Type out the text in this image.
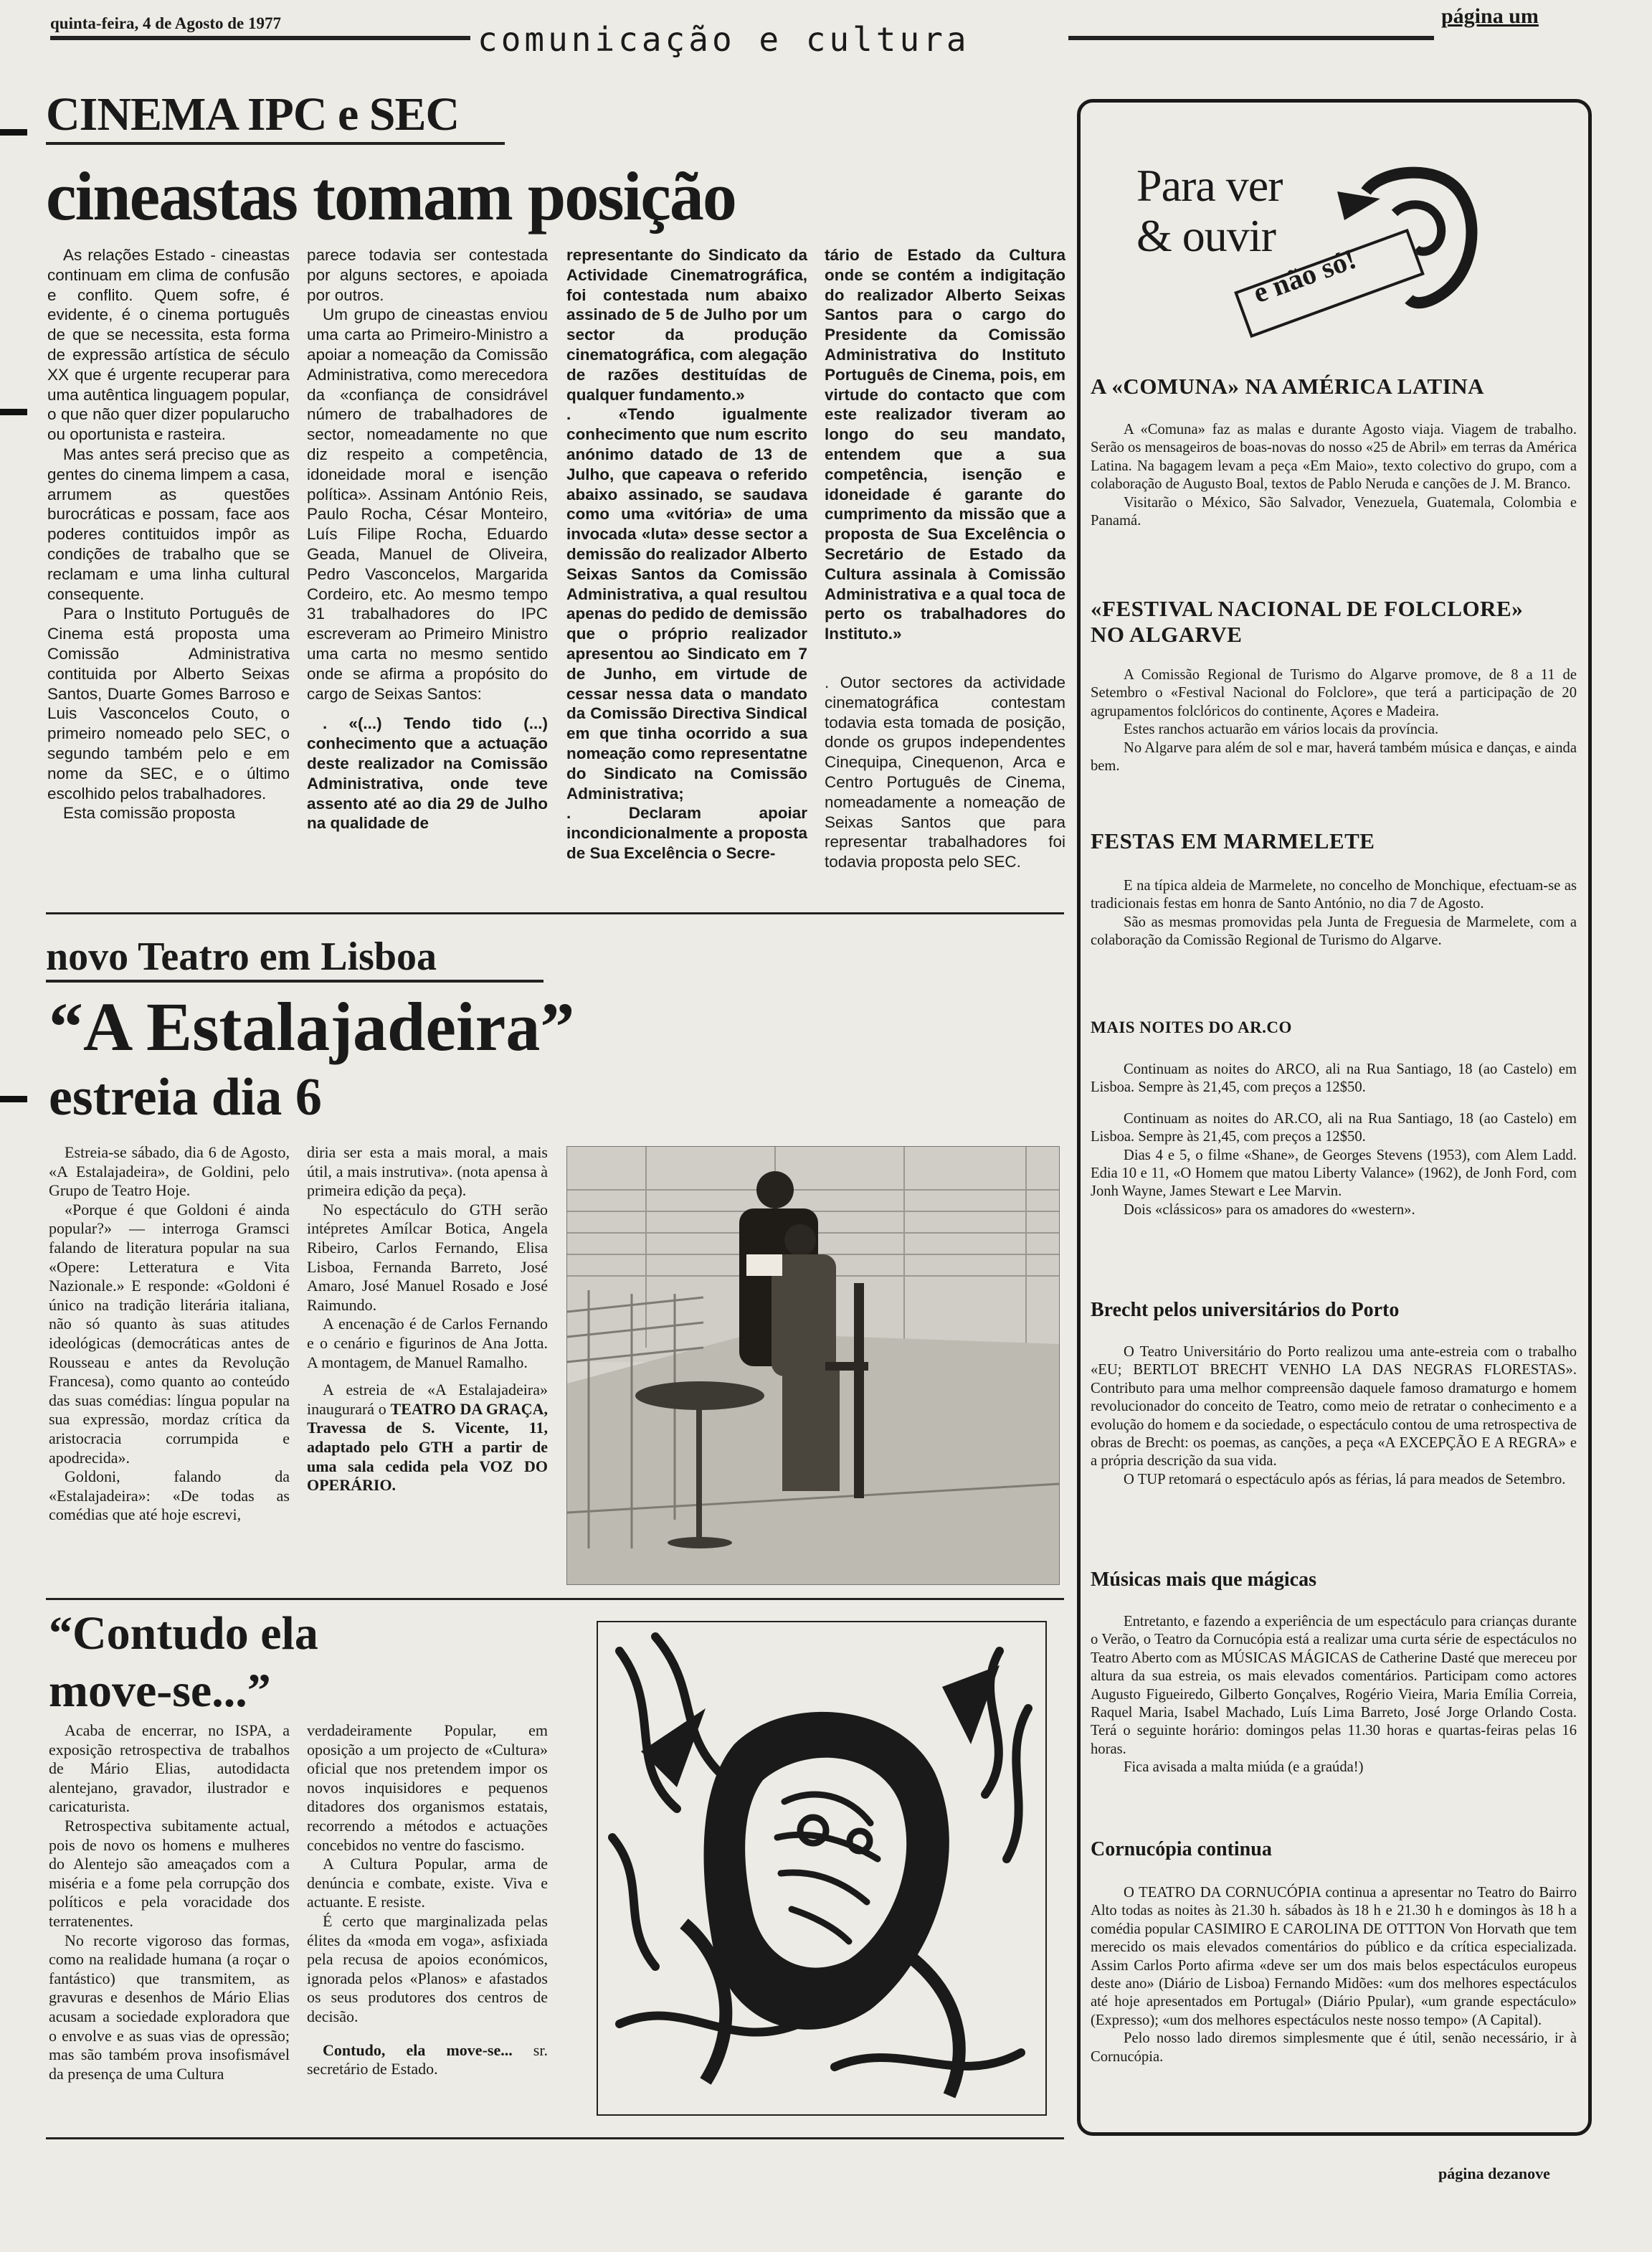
quinta-feira, 4 de Agosto de 1977	comunicação e cultura
página um
CINEMA IPC e SEC
cineastas tomam posição

As relações Estado - cineastas continuam em clima de confusão e conflito. Quem sofre, é evidente, é o cinema português de que se necessita, esta forma de expressão artística de século XX que é urgente recuperar para uma autêntica linguagem popular, o que não quer dizer popularucho ou oportunista e rasteira.

Mas antes será preciso que as gentes do cinema limpem a casa, arrumem as questões burocráticas e possam, face aos poderes contituidos impôr as condições de trabalho que se reclamam e uma linha cultural consequente.

Para o Instituto Português de Cinema está proposta uma Comissão Administrativa contituida por Alberto Seixas Santos, Duarte Gomes Barroso e Luis Vasconcelos Couto, o primeiro nomeado pelo SEC, o segundo também pelo e em nome da SEC, e o último escolhido pelos trabalhadores.

Esta comissão proposta

parece todavia ser contestada por alguns sectores, e apoiada por outros.

Um grupo de cineastas enviou uma carta ao Primeiro-Ministro a apoiar a nomeação da Comissão Administrativa, como merecedora da «confiança de considrável número de trabalhadores de sector, nomeadamente no que diz respeito a competência, idoneidade moral e isenção política». Assinam António Reis, Paulo Rocha, César Monteiro, Luís Filipe Rocha, Eduardo Geada, Manuel de Oliveira, Pedro Vasconcelos, Margarida Cordeiro, etc. Ao mesmo tempo 31 trabalhadores do IPC escreveram ao Primeiro Ministro uma carta no mesmo sentido onde se afirma a propósito do cargo de Seixas Santos:

. «(...) Tendo tido (...) conhecimento que a actuação deste realizador na Comissão Administrativa, onde teve assento até ao dia 29 de Julho na qualidade de

representante do Sindicato da Actividade Cinematrográfica, foi contestada num abaixo assinado de 5 de Julho por um sector da produção cinematográfica, com alegação de razões destituídas de qualquer fundamento.»

. «Tendo igualmente conhecimento que num escrito anónimo datado de 13 de Julho, que capeava o referido abaixo assinado, se saudava como uma «vitória» de uma invocada «luta» desse sector a demissão do realizador Alberto Seixas Santos da Comissão Administrativa, a qual resultou apenas do pedido de demissão que o próprio realizador apresentou ao Sindicato em 7 de Junho, em virtude de cessar nessa data o mandato da Comissão Directiva Sindical em que tinha ocorrido a sua nomeação como representatne do Sindicato na Comissão Administrativa;

. Declaram apoiar incondicionalmente a proposta de Sua Excelência o Secre-

tário de Estado da Cultura onde se contém a indigitação do realizador Alberto Seixas Santos para o cargo do Presidente da Comissão Administrativa do Instituto Português de Cinema, pois, em virtude do contacto que com este realizador tiveram ao longo do seu mandato, entendem que a sua competência, isenção e idoneidade é garante do cumprimento da missão que a proposta de Sua Excelência o Secretário de Estado da Cultura assinala à Comissão Administrativa e a qual toca de perto os trabalhadores do Instituto.»

. Outor sectores da actividade cinematográfica contestam todavia esta tomada de posição, donde os grupos independentes Cinequipa, Cinequenon, Arca e Centro Português de Cinema, nomeadamente a nomeação de Seixas Santos que para representar trabalhadores foi todavia proposta pelo SEC.

novo Teatro em Lisboa
“A Estalajadeira”
estreia dia 6

Estreia-se sábado, dia 6 de Agosto, «A Estalajadeira», de Goldini, pelo Grupo de Teatro Hoje.

«Porque é que Goldoni é ainda popular?» — interroga Gramsci falando de literatura popular na sua «Opere: Letteratura e Vita Nazionale.» E responde: «Goldoni é único na tradição literária italiana, não só quanto às suas atitudes ideológicas (democráticas antes de Rousseau e antes da Revolução Francesa), como quanto ao conteúdo das suas comédias: língua popular na sua expressão, mordaz crítica da aristocracia corrumpida e apodrecida».

Goldoni, falando da «Estalajadeira»: «De todas as comédias que até hoje escrevi,

diria ser esta a mais moral, a mais útil, a mais instrutiva». (nota apensa à primeira edição da peça).

No espectáculo do GTH serão intépretes Amílcar Botica, Angela Ribeiro, Carlos Fernando, Elisa Lisboa, Fernanda Barreto, José Amaro, José Manuel Rosado e José Raimundo.

A encenação é de Carlos Fernando e o cenário e figurinos de Ana Jotta. A montagem, de Manuel Ramalho.

A estreia de «A Estalajadeira» inaugurará o TEATRO DA GRAÇA, Travessa de S. Vicente, 11, adaptado pelo GTH a partir de uma sala cedida pela VOZ DO OPERÁRIO.

“Contudo ela move-se...”

Acaba de encerrar, no ISPA, a exposição retrospectiva de trabalhos de Mário Elias, autodidacta alentejano, gravador, ilustrador e caricaturista.

Retrospectiva subitamente actual, pois de novo os homens e mulheres do Alentejo são ameaçados com a miséria e a fome pela corrupção dos políticos e pela voracidade dos terratenentes.

No recorte vigoroso das formas, como na realidade humana (a roçar o fantástico) que transmitem, as gravuras e desenhos de Mário Elias acusam a sociedade exploradora que o envolve e as suas vias de opressão; mas são também prova insofismável da presença de uma Cultura

verdadeiramente Popular, em oposição a um projecto de «Cultura» oficial que nos pretendem impor os novos inquisidores e pequenos ditadores dos organismos estatais, recorrendo a métodos e actuações concebidos no ventre do fascismo.

A Cultura Popular, arma de denúncia e combate, existe. Viva e actuante. E resiste.

É certo que marginalizada pelas élites da «moda em voga», asfixiada pela recusa de apoios económicos, ignorada pelos «Planos» e afastados os seus produtores dos centros de decisão.

Contudo, ela move-se... sr. secretário de Estado.

Para ver
& ouvir
e não só!
A «COMUNA» NA AMÉRICA LATINA

A «Comuna» faz as malas e durante Agosto viaja. Viagem de trabalho. Serão os mensageiros de boas-novas do nosso «25 de Abril» em terras da América Latina. Na bagagem levam a peça «Em Maio», texto colectivo do grupo, com a colaboração de Augusto Boal, textos de Pablo Neruda e canções de J. M. Branco.

Visitarão o México, São Salvador, Venezuela, Guatemala, Colombia e Panamá.

«FESTIVAL NACIONAL DE FOLCLORE»
NO ALGARVE

A Comissão Regional de Turismo do Algarve promove, de 8 a 11 de Setembro o «Festival Nacional do Folclore», que terá a participação de 20 agrupamentos folclóricos do continente, Açores e Madeira.

Estes ranchos actuarão em vários locais da província.

No Algarve para além de sol e mar, haverá também música e danças, e ainda bem.

FESTAS EM MARMELETE

E na típica aldeia de Marmelete, no concelho de Monchique, efectuam-se as tradicionais festas em honra de Santo António, no dia 7 de Agosto.

São as mesmas promovidas pela Junta de Freguesia de Marmelete, com a colaboração da Comissão Regional de Turismo do Algarve.

MAIS NOITES DO AR.CO

Continuam as noites do ARCO, ali na Rua Santiago, 18 (ao Castelo) em Lisboa. Sempre às 21,45, com preços a 12$50.

Continuam as noites do AR.CO, ali na Rua Santiago, 18 (ao Castelo) em Lisboa. Sempre às 21,45, com preços a 12$50.

Dias 4 e 5, o filme «Shane», de Georges Stevens (1953), com Alem Ladd. Edia 10 e 11, «O Homem que matou Liberty Valance» (1962), de Jonh Ford, com Jonh Wayne, James Stewart e Lee Marvin.

Dois «clássicos» para os amadores do «western».

Brecht pelos universitários do Porto

O Teatro Universitário do Porto realizou uma ante-estreia com o trabalho «EU; BERTLOT BRECHT VENHO LA DAS NEGRAS FLORESTAS». Contributo para uma melhor compreensão daquele famoso dramaturgo e homem revolucionador do conceito de Teatro, como meio de retratar o conhecimento e a evolução do homem e da sociedade, o espectáculo contou de uma retrospectiva de obras de Brecht: os poemas, as canções, a peça «A EXCEPÇÃO E A REGRA» e a própria descrição da sua vida.

O TUP retomará o espectáculo após as férias, lá para meados de Setembro.

Músicas mais que mágicas

Entretanto, e fazendo a experiência de um espectáculo para crianças durante o Verão, o Teatro da Cornucópia está a realizar uma curta série de espectáculos no Teatro Aberto com as MÚSICAS MÁGICAS de Catherine Dasté que mereceu por altura da sua estreia, os mais elevados comentários. Participam como actores Augusto Figueiredo, Gilberto Gonçalves, Rogério Vieira, Maria Emília Correia, Raquel Maria, Isabel Machado, Luís Lima Barreto, José Jorge Orlando Costa. Terá o seguinte horário: domingos pelas 11.30 horas e quartas-feiras pelas 16 horas.

Fica avisada a malta miúda (e a graúda!)

Cornucópia continua

O TEATRO DA CORNUCÓPIA continua a apresentar no Teatro do Bairro Alto todas as noites às 21.30 h. sábados às 18 h e 21.30 h e domingos às 18 h a comédia popular CASIMIRO E CAROLINA DE OTTTON Von Horvath que tem merecido os mais elevados comentários do público e da crítica especializada. Assim Carlos Porto afirma «deve ser um dos mais belos espectáculos europeus deste ano» (Diário de Lisboa) Fernando Midões: «um dos melhores espectáculos até hoje apresentados em Portugal» (Diário Ppular), «um grande espectáculo» (Expresso); «um dos melhores espectáculos neste nosso tempo» (A Capital).

Pelo nosso lado diremos simplesmente que é útil, senão necessário, ir à Cornucópia.

página dezanove
